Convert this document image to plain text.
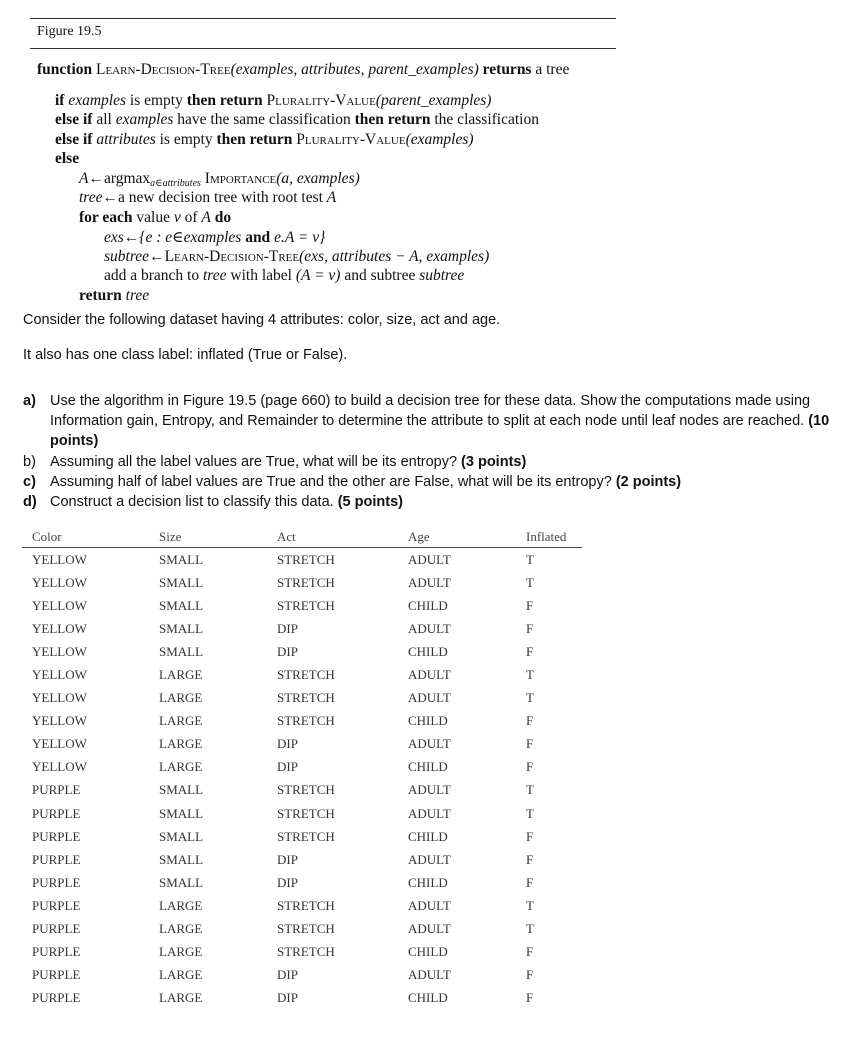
Figure 19.5
function Learn-Decision-Tree(examples, attributes, parent_examples) returns a tree
if examples is empty then return Plurality-Value(parent_examples)
else if all examples have the same classification then return the classification
else if attributes is empty then return Plurality-Value(examples)
else
A←argmax$_{a\in attributes}$ Importance(a, examples)
tree←a new decision tree with root test A
for each value v of A do
exs←{e : e∈examples and e.A = v}
subtree←Learn-Decision-Tree(exs, attributes − A, examples)
add a branch to tree with label (A = v) and subtree subtree
return tree
Consider the following dataset having 4 attributes: color, size, act and age.
It also has one class label: inflated (True or False).
a) Use the algorithm in Figure 19.5 (page 660) to build a decision tree for these data. Show the computations made using Information gain, Entropy, and Remainder to determine the attribute to split at each node until leaf nodes are reached. (10 points)
b) Assuming all the label values are True, what will be its entropy? (3 points)
c) Assuming half of label values are True and the other are False, what will be its entropy? (2 points)
d) Construct a decision list to classify this data. (5 points)
Color	Size	Act	Age	Inflated
YELLOW	SMALL	STRETCH	ADULT	T
YELLOW	SMALL	STRETCH	ADULT	T
YELLOW	SMALL	STRETCH	CHILD	F
YELLOW	SMALL	DIP	ADULT	F
YELLOW	SMALL	DIP	CHILD	F
YELLOW	LARGE	STRETCH	ADULT	T
YELLOW	LARGE	STRETCH	ADULT	T
YELLOW	LARGE	STRETCH	CHILD	F
YELLOW	LARGE	DIP	ADULT	F
YELLOW	LARGE	DIP	CHILD	F
PURPLE	SMALL	STRETCH	ADULT	T
PURPLE	SMALL	STRETCH	ADULT	T
PURPLE	SMALL	STRETCH	CHILD	F
PURPLE	SMALL	DIP	ADULT	F
PURPLE	SMALL	DIP	CHILD	F
PURPLE	LARGE	STRETCH	ADULT	T
PURPLE	LARGE	STRETCH	ADULT	T
PURPLE	LARGE	STRETCH	CHILD	F
PURPLE	LARGE	DIP	ADULT	F
PURPLE	LARGE	DIP	CHILD	F
